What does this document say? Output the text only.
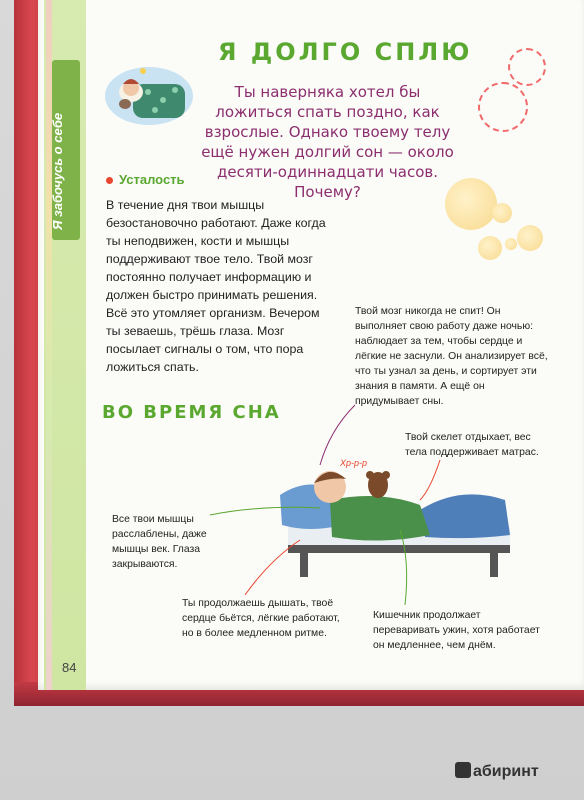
Я забочусь о себе
Я ДОЛГО СПЛЮ
Ты наверняка хотел бы ложиться спать поздно, как взрослые. Однако твоему телу ещё нужен долгий сон — около десяти-одиннадцати часов. Почему?
Усталость
В течение дня твои мышцы безостановочно работают. Даже когда ты неподвижен, кости и мышцы поддерживают твое тело. Твой мозг постоянно получает информацию и должен быстро принимать решения. Всё это утомляет организм. Вечером ты зеваешь, трёшь глаза. Мозг посылает сигналы о том, что пора ложиться спать.
ВО ВРЕМЯ СНА
Хр-р-р
Твой мозг никогда не спит! Он выполняет свою работу даже ночью: наблюдает за тем, чтобы сердце и лёгкие не заснули. Он анализирует всё, что ты узнал за день, и сортирует эти знания в памяти. А ещё он придумывает сны.
Твой скелет отдыхает, вес тела поддерживает матрас.
Все твои мышцы расслаблены, даже мышцы век. Глаза закрываются.
Ты продолжаешь дышать, твоё сердце бьётся, лёгкие работают, но в более медленном ритме.
Кишечник продолжает переваривать ужин, хотя работает он медленнее, чем днём.
84
абиринт
